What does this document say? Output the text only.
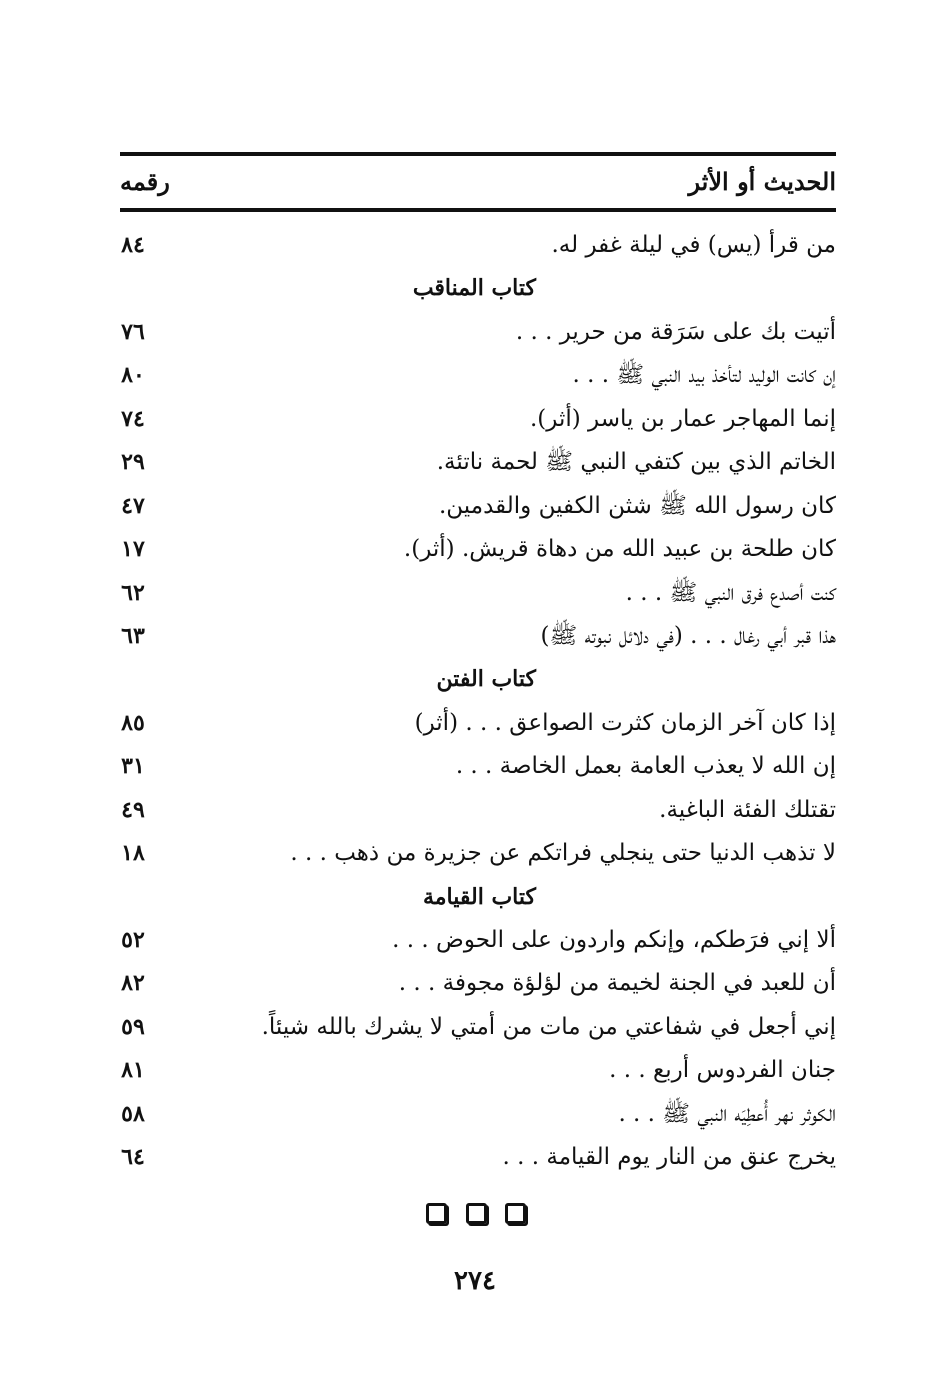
الحديث أو الأثر
رقمه
من قرأ (يس) في ليلة غفر له.
٨٤
كتاب المناقب
أتيت بك على سَرَقة من حرير . . .
٧٦
إن كانت الوليد لتأخذ بيد النبي ﷺ . . .
٨٠
إنما المهاجر عمار بن ياسر (أثر).
٧٤
الخاتم الذي بين كتفي النبي ﷺ لحمة ناتئة.
٢٩
كان رسول الله ﷺ شثن الكفين والقدمين.
٤٧
كان طلحة بن عبيد الله من دهاة قريش. (أثر).
١٧
كنت أصدع فرق النبي ﷺ . . .
٦٢
هذا قبر أبي رغال . . . (في دلائل نبوته ﷺ)
٦٣
كتاب الفتن
إذا كان آخر الزمان كثرت الصواعق . . . (أثر)
٨٥
إن الله لا يعذب العامة بعمل الخاصة . . .
٣١
تقتلك الفئة الباغية.
٤٩
لا تذهب الدنيا حتى ينجلي فراتكم عن جزيرة من ذهب . . .
١٨
كتاب القيامة
ألا إني فرَطكم، وإنكم واردون على الحوض . . .
٥٢
أن للعبد في الجنة لخيمة من لؤلؤة مجوفة . . .
٨٢
إني أجعل في شفاعتي من مات من أمتي لا يشرك بالله شيئاً.
٥٩
جنان الفردوس أربع . . .
٨١
الكوثر نهر أُعطِيَه النبي ﷺ . . .
٥٨
يخرج عنق من النار يوم القيامة . . .
٦٤
٢٧٤
